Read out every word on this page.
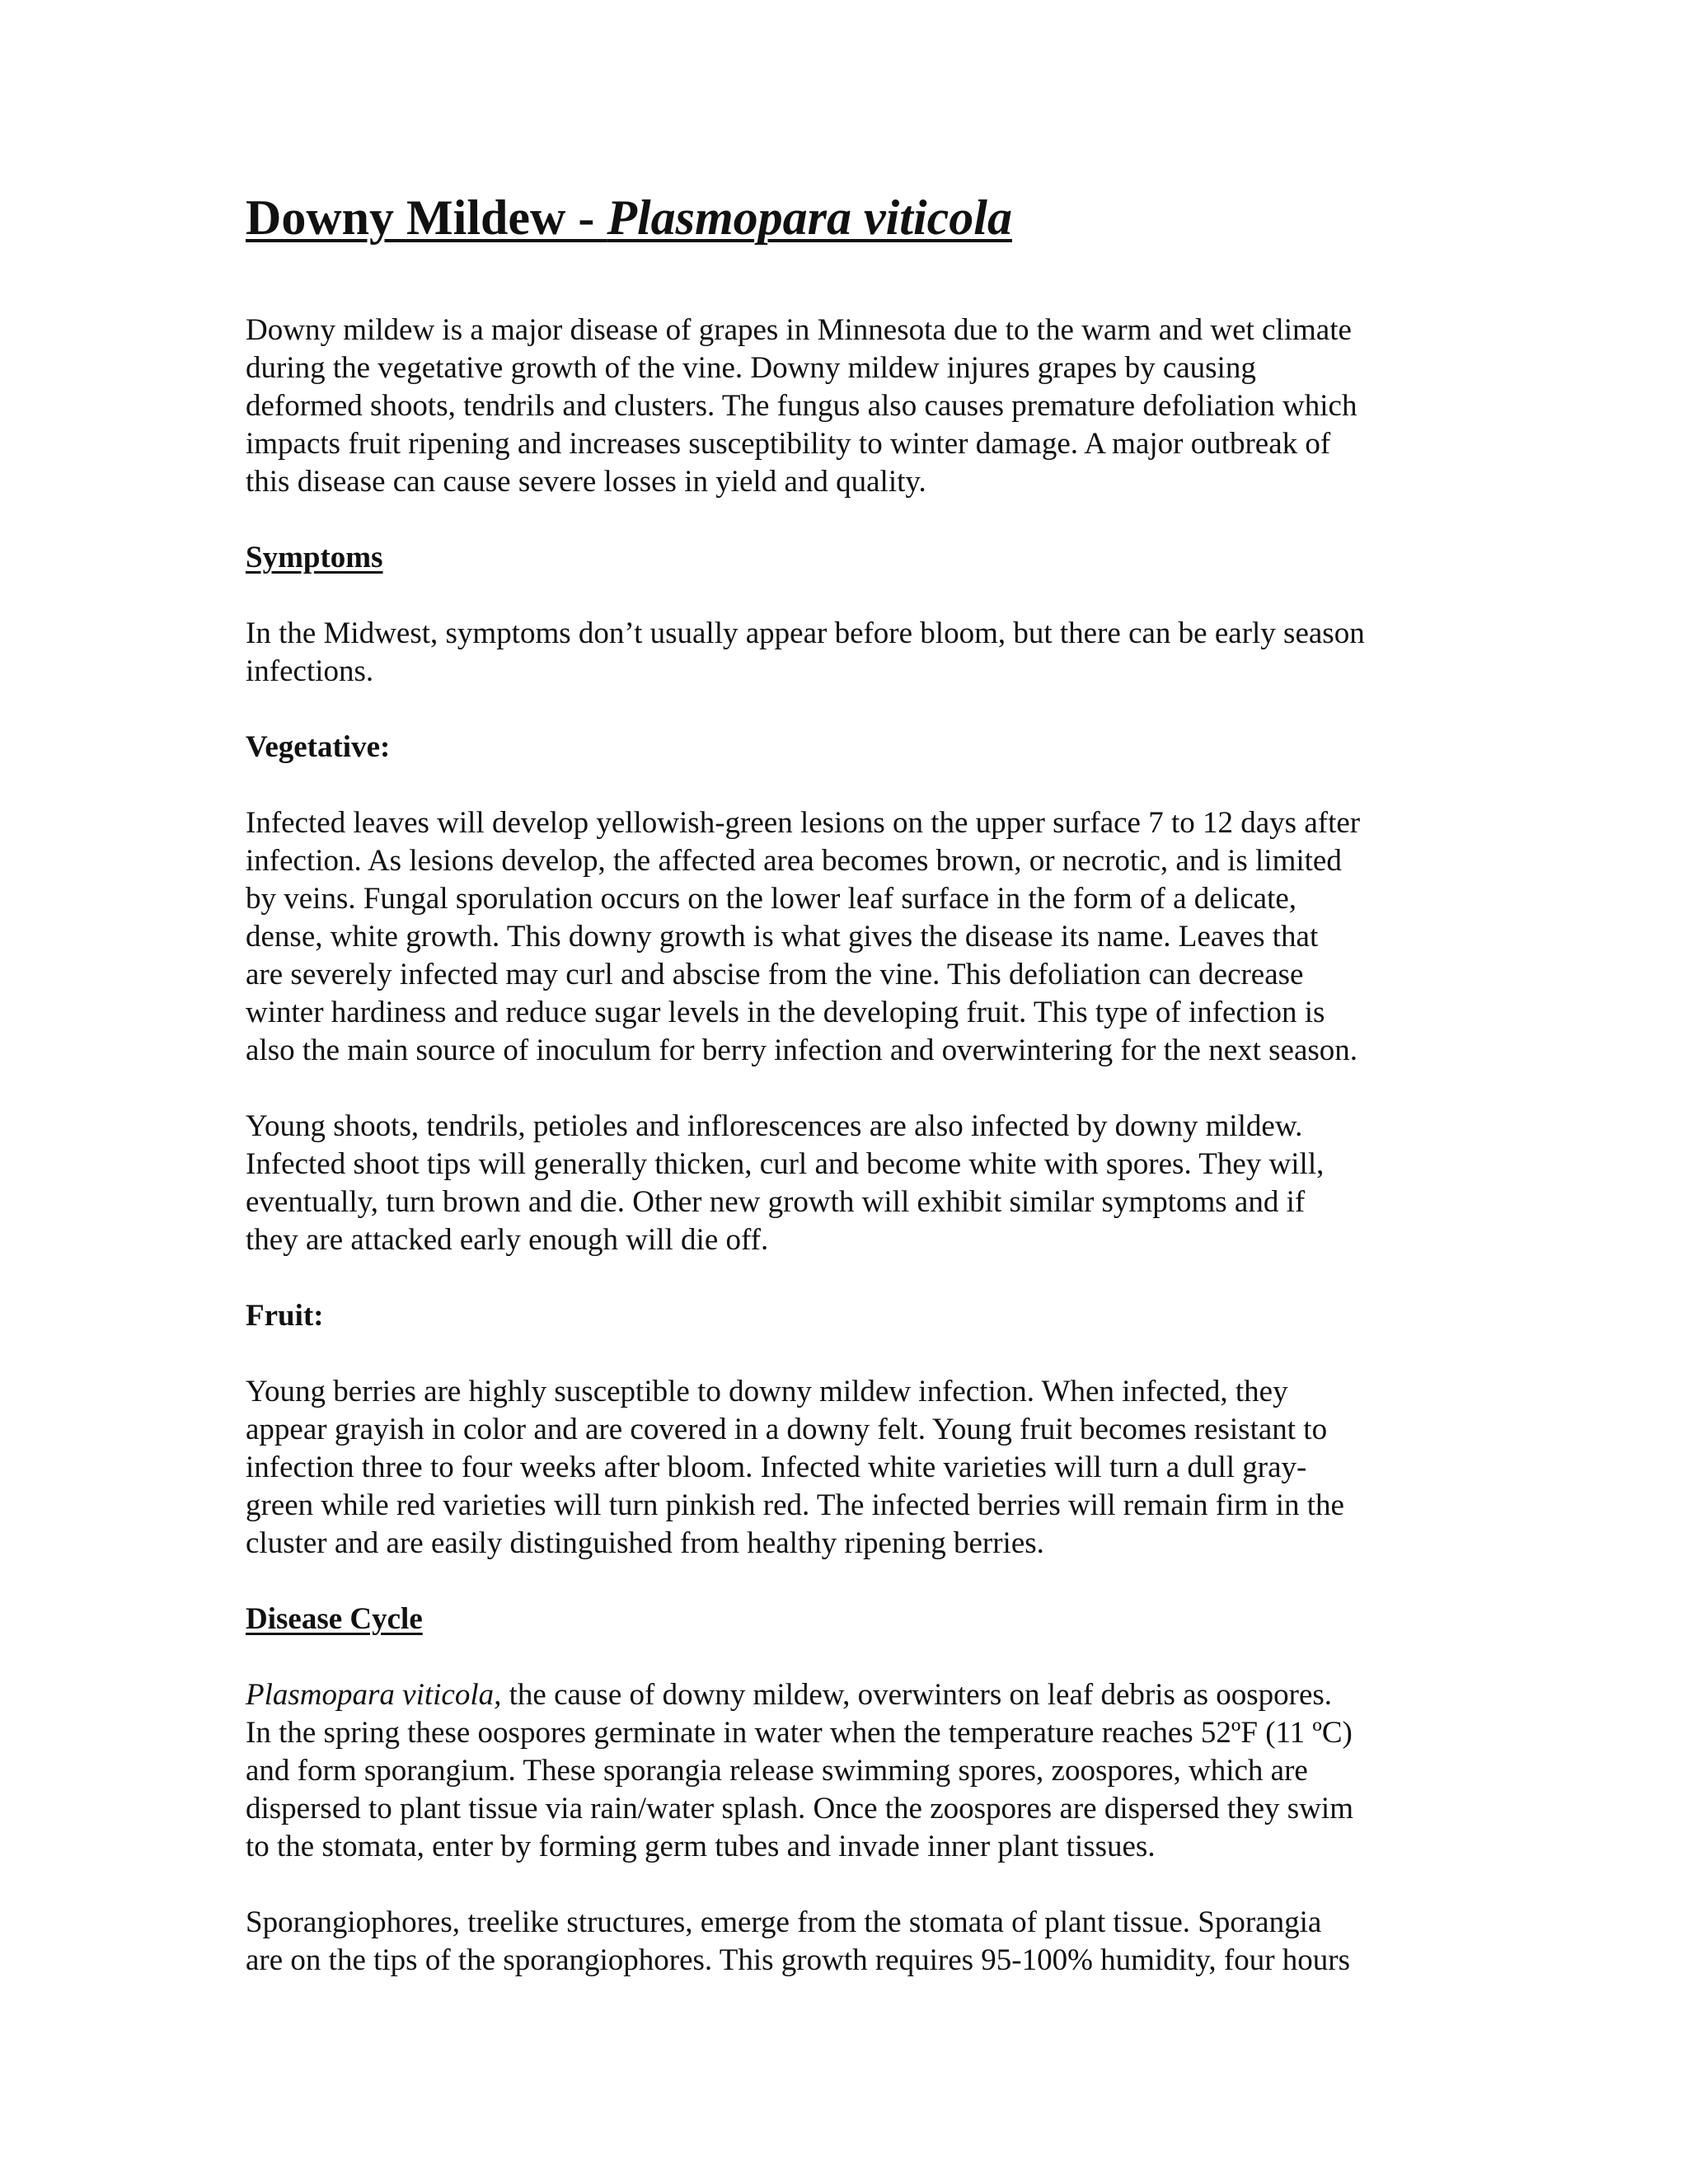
Downy Mildew - Plasmopara viticola

Downy mildew is a major disease of grapes in Minnesota due to the warm and wet climate
during the vegetative growth of the vine. Downy mildew injures grapes by causing
deformed shoots, tendrils and clusters. The fungus also causes premature defoliation which
impacts fruit ripening and increases susceptibility to winter damage. A major outbreak of
this disease can cause severe losses in yield and quality.

Symptoms

In the Midwest, symptoms don’t usually appear before bloom, but there can be early season
infections.

Vegetative:

Infected leaves will develop yellowish-green lesions on the upper surface 7 to 12 days after
infection. As lesions develop, the affected area becomes brown, or necrotic, and is limited
by veins. Fungal sporulation occurs on the lower leaf surface in the form of a delicate,
dense, white growth. This downy growth is what gives the disease its name. Leaves that
are severely infected may curl and abscise from the vine. This defoliation can decrease
winter hardiness and reduce sugar levels in the developing fruit. This type of infection is
also the main source of inoculum for berry infection and overwintering for the next season.

Young shoots, tendrils, petioles and inflorescences are also infected by downy mildew.
Infected shoot tips will generally thicken, curl and become white with spores. They will,
eventually, turn brown and die. Other new growth will exhibit similar symptoms and if
they are attacked early enough will die off.

Fruit:

Young berries are highly susceptible to downy mildew infection. When infected, they
appear grayish in color and are covered in a downy felt. Young fruit becomes resistant to
infection three to four weeks after bloom. Infected white varieties will turn a dull gray-
green while red varieties will turn pinkish red. The infected berries will remain firm in the
cluster and are easily distinguished from healthy ripening berries.

Disease Cycle

Plasmopara viticola, the cause of downy mildew, overwinters on leaf debris as oospores.
In the spring these oospores germinate in water when the temperature reaches 52ºF (11 ºC)
and form sporangium. These sporangia release swimming spores, zoospores, which are
dispersed to plant tissue via rain/water splash. Once the zoospores are dispersed they swim
to the stomata, enter by forming germ tubes and invade inner plant tissues.

Sporangiophores, treelike structures, emerge from the stomata of plant tissue. Sporangia
are on the tips of the sporangiophores. This growth requires 95-100% humidity, four hours
